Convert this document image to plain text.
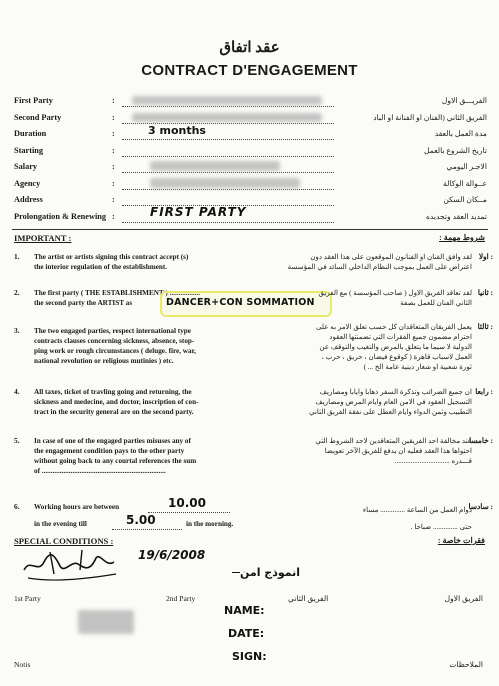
عقد اتفاق
CONTRACT D'ENGAGEMENT
First Party	:	الفريـــق الاول
Second Party	:	الفريق الثاني (الفنان او الفنانة او الباد
Duration	:	3 months	مدة العمل بالعقد
Starting	:	تاريخ الشروع بالعمل
Salary	:	الاجـر اليومي
Agency	:	عــوالة الوكالة
Address	:	مــكان السكن
Prolongation & Renewing :	FIRST PARTY	تمديد العقد وتجديده
IMPORTANT :	شروط مهمة :
1. The artist or artists signing this contract accept (s)
the interior regulation of the establishment.
لقد وافق الفنان او الفنانون الموقعون على هذا العقد دون
اعتراض على العمل بموجب النظام الداخلي السائد في المؤسسة
اولا :
2. The first party ( THE ESTABLISHMENT ) .................
the second party the ARTIST as	DANCER+CON SOMMATION
لقد تعاقد الفريق الاول ( صاحب المؤسسة ) مع الفريق
الثاني الفنان للعمل بصفة
ثانيا :
3. The two engaged parties, respect international type
contracts clauses concerning sickness, absence, stop-
ping work or rough circumstances ( deluge. fire, war,
national revolution or religious mutinies ) etc.
يعمل الفريقان المتعاقدان كل حسب تعلق الامر به على
احترام مضمون جميع الفقرات التي تضمنتها العقود
الدولية لا سيما ما يتعلق بالمرض والتغيب والتوقف عن
العمل لاسباب قاهرة ( كوقوع فيضان ، حريق ، حرب ،
ثورة شعبية او شغار دينية عامة الخ ... )
ثالثا :
4. All taxes, ticket of travling going and returning, the
sickness and medecine, and doctor, inscription of con-
tract in the security general are on the second party.
ان جميع الضرائب وتذكرة السفر ذهابا وايابا ومصاريف
التسجيل العقود في الامن العام وايام المرض ومصاريف
التطبيب وثمن الدواء وايام العطل على نفقة الفريق الثاني
رابعا :
5. In case of one of the engaged parties misuses any of
the engagement condition pays to the other party
without going back to any courtal references the sum
of .....................................................................
عند مخالفة احد الفريقين المتعاقدين لاحد الشروط التي
احتواها هذا العقد فعليه ان يدفع للفريق الآخر تعويضا
قـــدره ...............................
خامسا :
6. Working hours are between	10.00
in the evening till	5.00	in the morning.
دوام العمل من الساعة .............. مساء
حتى .............. صباحا .
سادسا :
SPECIAL CONDITIONS :	فقرات خاصة :
19/6/2008
انموذج امن
1st Party	2nd Party	الفريق الثاني	الفريق الاول
NAME:
DATE:
SIGN:
Notis	الملاحظات
